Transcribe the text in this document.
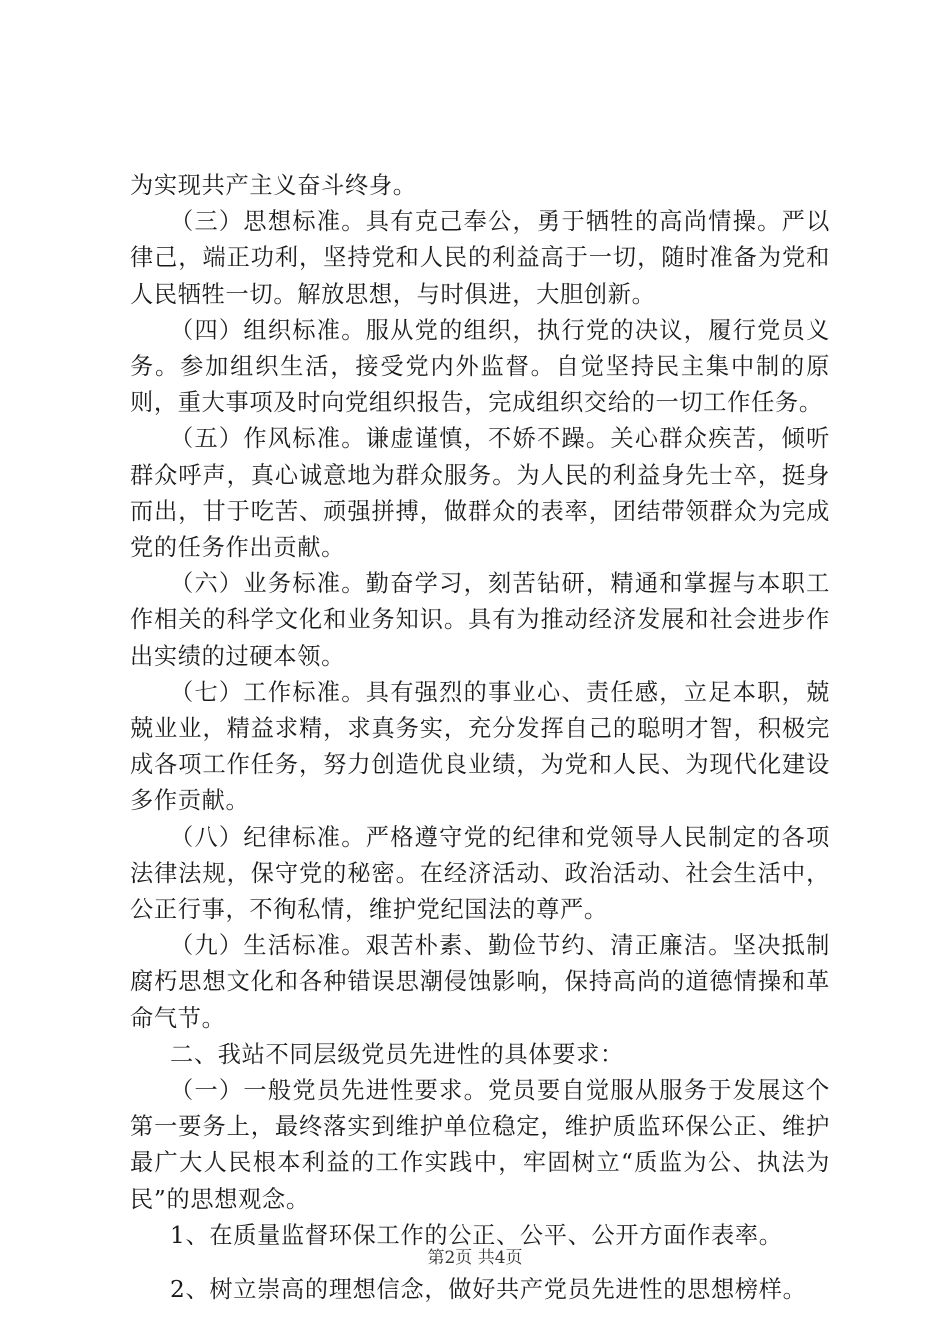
为实现共产主义奋斗终身。

（三）思想标准。具有克己奉公，勇于牺牲的高尚情操。严以律己，端正功利，坚持党和人民的利益高于一切，随时准备为党和人民牺牲一切。解放思想，与时俱进，大胆创新。

（四）组织标准。服从党的组织，执行党的决议，履行党员义务。参加组织生活，接受党内外监督。自觉坚持民主集中制的原则，重大事项及时向党组织报告，完成组织交给的一切工作任务。

（五）作风标准。谦虚谨慎，不娇不躁。关心群众疾苦，倾听群众呼声，真心诚意地为群众服务。为人民的利益身先士卒，挺身而出，甘于吃苦、顽强拼搏，做群众的表率，团结带领群众为完成党的任务作出贡献。

（六）业务标准。勤奋学习，刻苦钻研，精通和掌握与本职工作相关的科学文化和业务知识。具有为推动经济发展和社会进步作出实绩的过硬本领。

（七）工作标准。具有强烈的事业心、责任感，立足本职，兢兢业业，精益求精，求真务实，充分发挥自己的聪明才智，积极完成各项工作任务，努力创造优良业绩，为党和人民、为现代化建设多作贡献。

（八）纪律标准。严格遵守党的纪律和党领导人民制定的各项法律法规，保守党的秘密。在经济活动、政治活动、社会生活中，公正行事，不徇私情，维护党纪国法的尊严。

（九）生活标准。艰苦朴素、勤俭节约、清正廉洁。坚决抵制腐朽思想文化和各种错误思潮侵蚀影响，保持高尚的道德情操和革命气节。

二、我站不同层级党员先进性的具体要求：

（一）一般党员先进性要求。党员要自觉服从服务于发展这个第一要务上，最终落实到维护单位稳定，维护质监环保公正、维护最广大人民根本利益的工作实践中，牢固树立“质监为公、执法为民”的思想观念。

1、在质量监督环保工作的公正、公平、公开方面作表率。

2、树立崇高的理想信念，做好共产党员先进性的思想榜样。

第2页 共4页
